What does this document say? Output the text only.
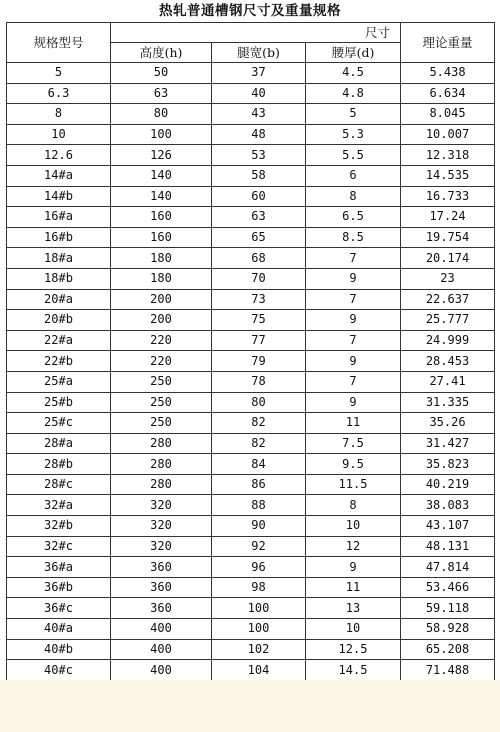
热轧普通槽钢尺寸及重量规格
规格型号	尺寸			理论重量
	高度(h)	腿宽(b)	腰厚(d)	
5	50	37	4.5	5.438
6.3	63	40	4.8	6.634
8	80	43	5	8.045
10	100	48	5.3	10.007
12.6	126	53	5.5	12.318
14#a	140	58	6	14.535
14#b	140	60	8	16.733
16#a	160	63	6.5	17.24
16#b	160	65	8.5	19.754
18#a	180	68	7	20.174
18#b	180	70	9	23
20#a	200	73	7	22.637
20#b	200	75	9	25.777
22#a	220	77	7	24.999
22#b	220	79	9	28.453
25#a	250	78	7	27.41
25#b	250	80	9	31.335
25#c	250	82	11	35.26
28#a	280	82	7.5	31.427
28#b	280	84	9.5	35.823
28#c	280	86	11.5	40.219
32#a	320	88	8	38.083
32#b	320	90	10	43.107
32#c	320	92	12	48.131
36#a	360	96	9	47.814
36#b	360	98	11	53.466
36#c	360	100	13	59.118
40#a	400	100	10	58.928
40#b	400	102	12.5	65.208
40#c	400	104	14.5	71.488
